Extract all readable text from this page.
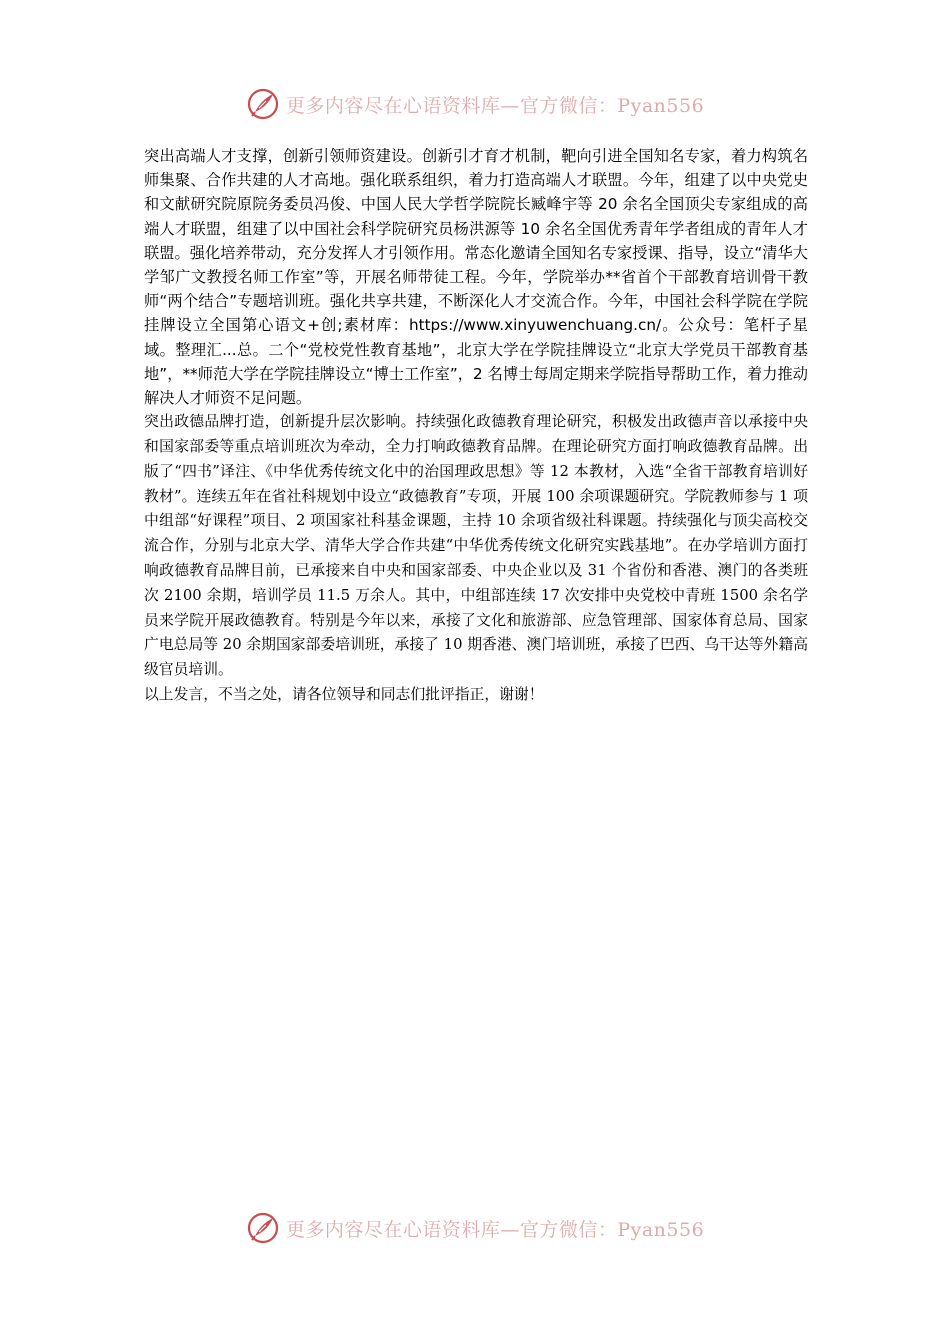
更多内容尽在心语资料库—官方微信：Pyan556

突出高端人才支撑，创新引领师资建设。创新引才育才机制，靶向引进全国知名专家，着力构筑名师集聚、合作共建的人才高地。强化联系组织，着力打造高端人才联盟。今年，组建了以中央党史和文献研究院原院务委员冯俊、中国人民大学哲学院院长臧峰宇等 20 余名全国顶尖专家组成的高端人才联盟，组建了以中国社会科学院研究员杨洪源等 10 余名全国优秀青年学者组成的青年人才联盟。强化培养带动，充分发挥人才引领作用。常态化邀请全国知名专家授课、指导，设立“清华大学邹广文教授名师工作室”等，开展名师带徒工程。今年，学院举办**省首个干部教育培训骨干教师“两个结合”专题培训班。强化共享共建，不断深化人才交流合作。今年，中国社会科学院在学院挂牌设立全国第心语文+创;素材库：https://www.xinyuwenchuang.cn/。公众号：笔杆子星域。整理汇...总。二个“党校党性教育基地”，北京大学在学院挂牌设立“北京大学党员干部教育基地”，**师范大学在学院挂牌设立“博士工作室”，2 名博士每周定期来学院指导帮助工作，着力推动解决人才师资不足问题。

突出政德品牌打造，创新提升层次影响。持续强化政德教育理论研究，积极发出政德声音以承接中央和国家部委等重点培训班次为牵动，全力打响政德教育品牌。在理论研究方面打响政德教育品牌。出版了“四书”译注、《中华优秀传统文化中的治国理政思想》等 12 本教材，入选“全省干部教育培训好教材”。连续五年在省社科规划中设立“政德教育”专项，开展 100 余项课题研究。学院教师参与 1 项中组部“好课程”项目、2 项国家社科基金课题，主持 10 余项省级社科课题。持续强化与顶尖高校交流合作，分别与北京大学、清华大学合作共建“中华优秀传统文化研究实践基地”。在办学培训方面打响政德教育品牌目前，已承接来自中央和国家部委、中央企业以及 31 个省份和香港、澳门的各类班次 2100 余期，培训学员 11.5 万余人。其中，中组部连续 17 次安排中央党校中青班 1500 余名学员来学院开展政德教育。特别是今年以来，承接了文化和旅游部、应急管理部、国家体育总局、国家广电总局等 20 余期国家部委培训班，承接了 10 期香港、澳门培训班，承接了巴西、乌干达等外籍高级官员培训。

以上发言，不当之处，请各位领导和同志们批评指正，谢谢！

更多内容尽在心语资料库—官方微信：Pyan556
